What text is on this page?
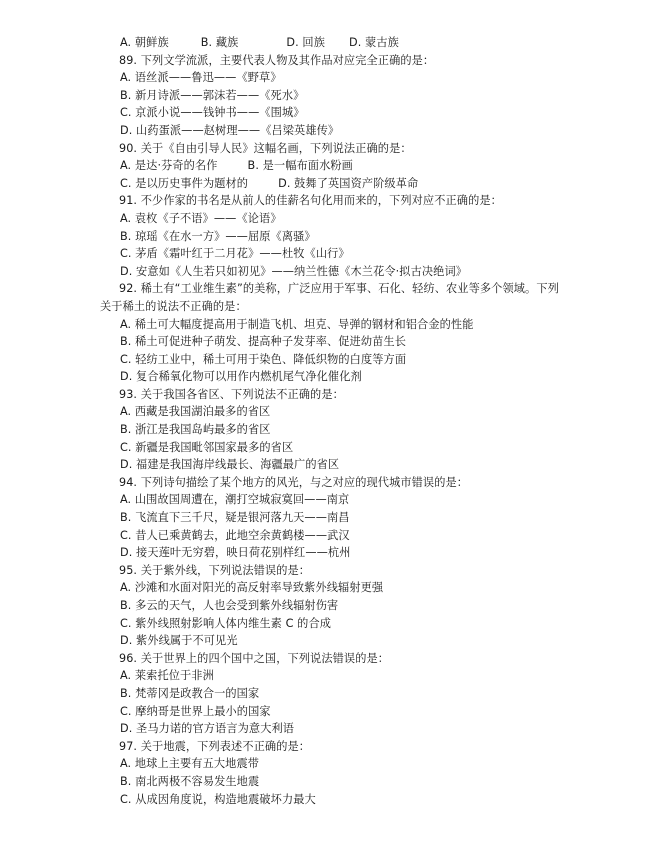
A. 朝鲜族	B. 藏族	D. 回族 D. 蒙古族
89. 下列文学流派，主要代表人物及其作品对应完全正确的是：
A. 语丝派——鲁迅——《野草》
B. 新月诗派——郭沫若——《死水》
C. 京派小说——钱钟书——《围城》
D. 山药蛋派——赵树理——《吕梁英雄传》
90. 关于《自由引导人民》这幅名画，下列说法正确的是：
A. 是达·芬奇的名作	B. 是一幅布面水粉画
C. 是以历史事件为题材的	D. 鼓舞了英国资产阶级革命
91. 不少作家的书名是从前人的佳薪名句化用而来的，下列对应不正确的是：
A. 袁枚《子不语》——《论语》
B. 琼瑶《在水一方》——屈原《离骚》
C. 茅盾《霜叶红于二月花》——杜牧《山行》
D. 安意如《人生若只如初见》——纳兰性德《木兰花令·拟古决绝词》
92. 稀土有“工业维生素”的美称，广泛应用于军事、石化、轻纺、农业等多个领域。下列
关于稀土的说法不正确的是：
A. 稀土可大幅度提高用于制造飞机、坦克、导弹的钢材和铝合金的性能
B. 稀土可促进种子萌发、提高种子发芽率、促进幼苗生长
C. 轻纺工业中，稀土可用于染色、降低织物的白度等方面
D. 复合稀氧化物可以用作内燃机尾气净化催化剂
93. 关于我国各省区、下列说法不正确的是：
A. 西藏是我国湖泊最多的省区
B. 浙江是我国岛屿最多的省区
C. 新疆是我国毗邻国家最多的省区
D. 福建是我国海岸线最长、海疆最广的省区
94. 下列诗句描绘了某个地方的风光，与之对应的现代城市错误的是：
A. 山围故国周遭在，潮打空城寂寞回——南京
B. 飞流直下三千尺，疑是银河落九天——南昌
C. 昔人已乘黄鹤去，此地空余黄鹤楼——武汉
D. 接天莲叶无穷碧，映日荷花别样红——杭州
95. 关于紫外线，下列说法错误的是：
A. 沙滩和水面对阳光的高反射率导致紫外线辐射更强
B. 多云的天气，人也会受到紫外线辐射伤害
C. 紫外线照射影响人体内维生素 C 的合成
D. 紫外线属于不可见光
96. 关于世界上的四个国中之国，下列说法错误的是：
A. 莱索托位于非洲
B. 梵蒂冈是政教合一的国家
C. 摩纳哥是世界上最小的国家
D. 圣马力诺的官方语言为意大利语
97. 关于地震，下列表述不正确的是：
A. 地球上主要有五大地震带
B. 南北两极不容易发生地震
C. 从成因角度说，构造地震破坏力最大
